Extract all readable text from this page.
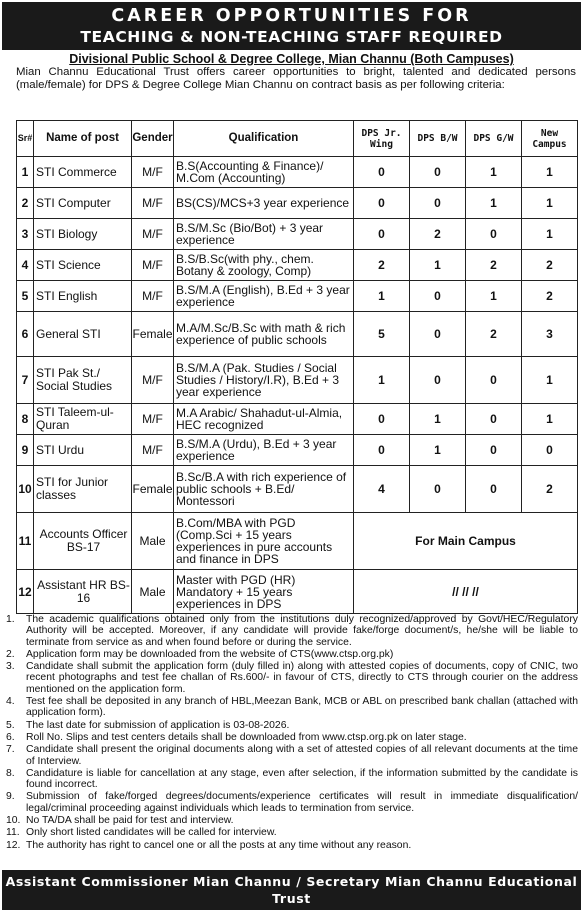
CAREER OPPORTUNITIES FOR
TEACHING & NON-TEACHING STAFF REQUIRED
Divisional Public School & Degree College, Mian Channu (Both Campuses)

Mian Channu Educational Trust offers career opportunities to bright, talented and dedicated persons (male/female) for DPS & Degree College Mian Channu on contract basis as per following criteria:

Sr#	Name of post	Gender	Qualification	DPS Jr. Wing	DPS B/W	DPS G/W	New Campus
1	STI Commerce	M/F	B.S(Accounting & Finance)/ M.Com (Accounting)	0	0	1	1
2	STI Computer	M/F	BS(CS)/MCS+3 year experience	0	0	1	1
3	STI Biology	M/F	B.S/M.Sc (Bio/Bot) + 3 year experience	0	2	0	1
4	STI Science	M/F	B.S/B.Sc(with phy., chem. Botany & zoology, Comp)	2	1	2	2
5	STI English	M/F	B.S/M.A (English), B.Ed + 3 year experience	1	0	1	2
6	General STI	Female	M.A/M.Sc/B.Sc with math & rich experience of public schools	5	0	2	3
7	STI Pak St./ Social Studies	M/F	B.S/M.A (Pak. Studies / Social Studies / History/I.R), B.Ed + 3 year experience	1	0	0	1
8	STI Taleem-ul-Quran	M/F	M.A Arabic/ Shahadut-ul-Almia, HEC recognized	0	1	0	1
9	STI Urdu	M/F	B.S/M.A (Urdu), B.Ed + 3 year experience	0	1	0	0
10	STI for Junior classes	Female	B.Sc/B.A with rich experience of public schools + B.Ed/ Montessori	4	0	0	2
11	Accounts Officer BS-17	Male	B.Com/MBA with PGD (Comp.Sci + 15 years experiences in pure accounts and finance in DPS	For Main Campus			
12	Assistant HR BS-16	Male	Master with PGD (HR) Mandatory + 15 years experiences in DPS	// // //			
1.	The academic qualifications obtained only from the institutions duly recognized/approved by Govt/HEC/Regulatory Authority will be accepted. Moreover, if any candidate will provide fake/forge document/s, he/she will be liable to terminate from service as and when found before or during the service.
2.	Application form may be downloaded from the website of CTS(www.ctsp.org.pk)
3.	Candidate shall submit the application form (duly filled in) along with attested copies of documents, copy of CNIC, two recent photographs and test fee challan of Rs.600/- in favour of CTS, directly to CTS through courier on the address mentioned on the application form.
4.	Test fee shall be deposited in any branch of HBL,Meezan Bank, MCB or ABL on prescribed bank challan (attached with application form).
5.	The last date for submission of application is 03-08-2026.
6.	Roll No. Slips and test centers details shall be downloaded from www.ctsp.org.pk on later stage.
7.	Candidate shall present the original documents along with a set of attested copies of all relevant documents at the time of Interview.
8.	Candidature is liable for cancellation at any stage, even after selection, if the information submitted by the candidate is found incorrect.
9.	Submission of fake/forged degrees/documents/experience certificates will result in immediate disqualification/ legal/criminal proceeding against individuals which leads to termination from service.
10. No TA/DA shall be paid for test and interview.
11. Only short listed candidates will be called for interview.
12. The authority has right to cancel one or all the posts at any time without any reason.
Assistant Commissioner Mian Channu / Secretary Mian Channu Educational Trust
Contact # 065-2661678, 2663678
